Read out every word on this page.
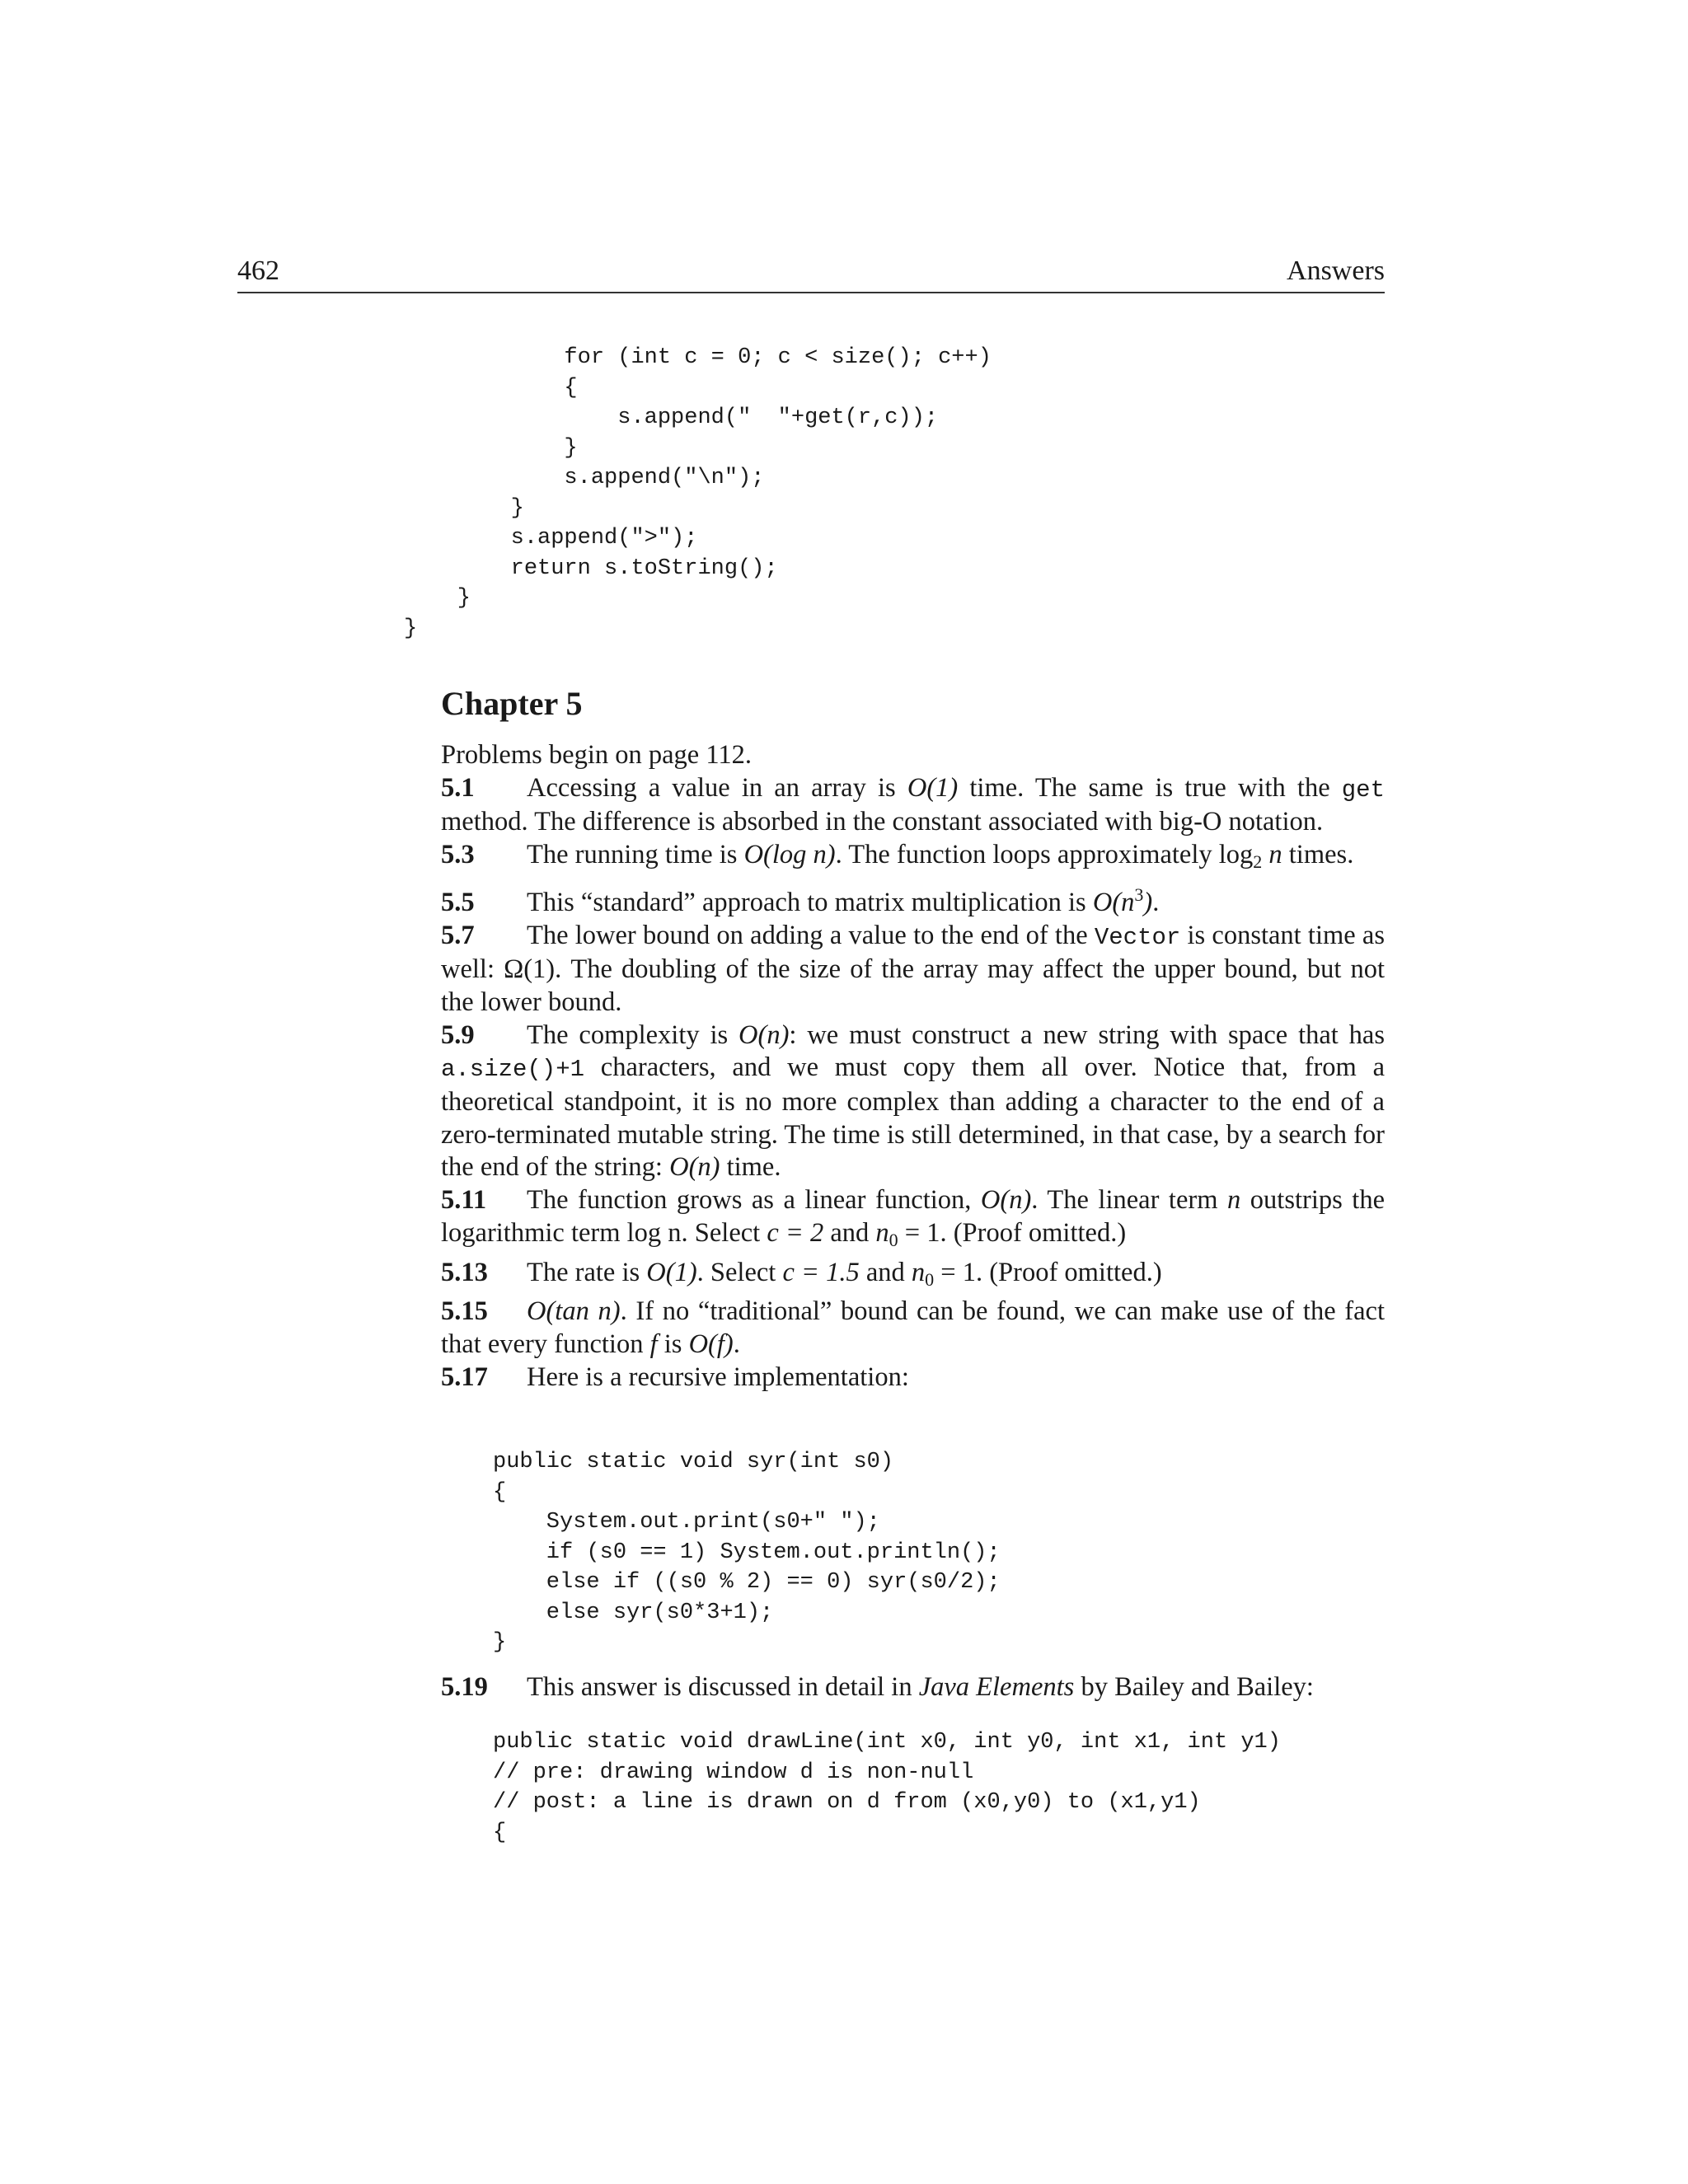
462	Answers
for (int c = 0; c < size(); c++)
{
s.append("  "+get(r,c));
}
s.append("\n");
}
s.append(">");
return s.toString();
}
}
Chapter 5
Problems begin on page 112.
5.1 Accessing a value in an array is O(1) time. The same is true with the get method. The difference is absorbed in the constant associated with big-O notation.
5.3 The running time is O(log n). The function loops approximately $\log_2 n$ times.
5.5 This “standard” approach to matrix multiplication is $O(n^3)$.
5.7 The lower bound on adding a value to the end of the Vector is constant time as well: Ω(1). The doubling of the size of the array may affect the upper bound, but not the lower bound.
5.9 The complexity is O(n): we must construct a new string with space that has a.size()+1 characters, and we must copy them all over. Notice that, from a theoretical standpoint, it is no more complex than adding a character to the end of a zero-terminated mutable string. The time is still determined, in that case, by a search for the end of the string: O(n) time.
5.11 The function grows as a linear function, O(n). The linear term n outstrips the logarithmic term log n. Select c = 2 and $n_0 = 1$. (Proof omitted.)
5.13 The rate is O(1). Select c = 1.5 and $n_0 = 1$. (Proof omitted.)
5.15 O(tan n). If no “traditional” bound can be found, we can make use of the fact that every function f is O(f).
5.17 Here is a recursive implementation:
public static void syr(int s0)
{
System.out.print(s0+" ");
if (s0 == 1) System.out.println();
else if ((s0 % 2) == 0) syr(s0/2);
else syr(s0*3+1);
}
5.19 This answer is discussed in detail in Java Elements by Bailey and Bailey:
public static void drawLine(int x0, int y0, int x1, int y1)
// pre: drawing window d is non-null
// post: a line is drawn on d from (x0,y0) to (x1,y1)
{
